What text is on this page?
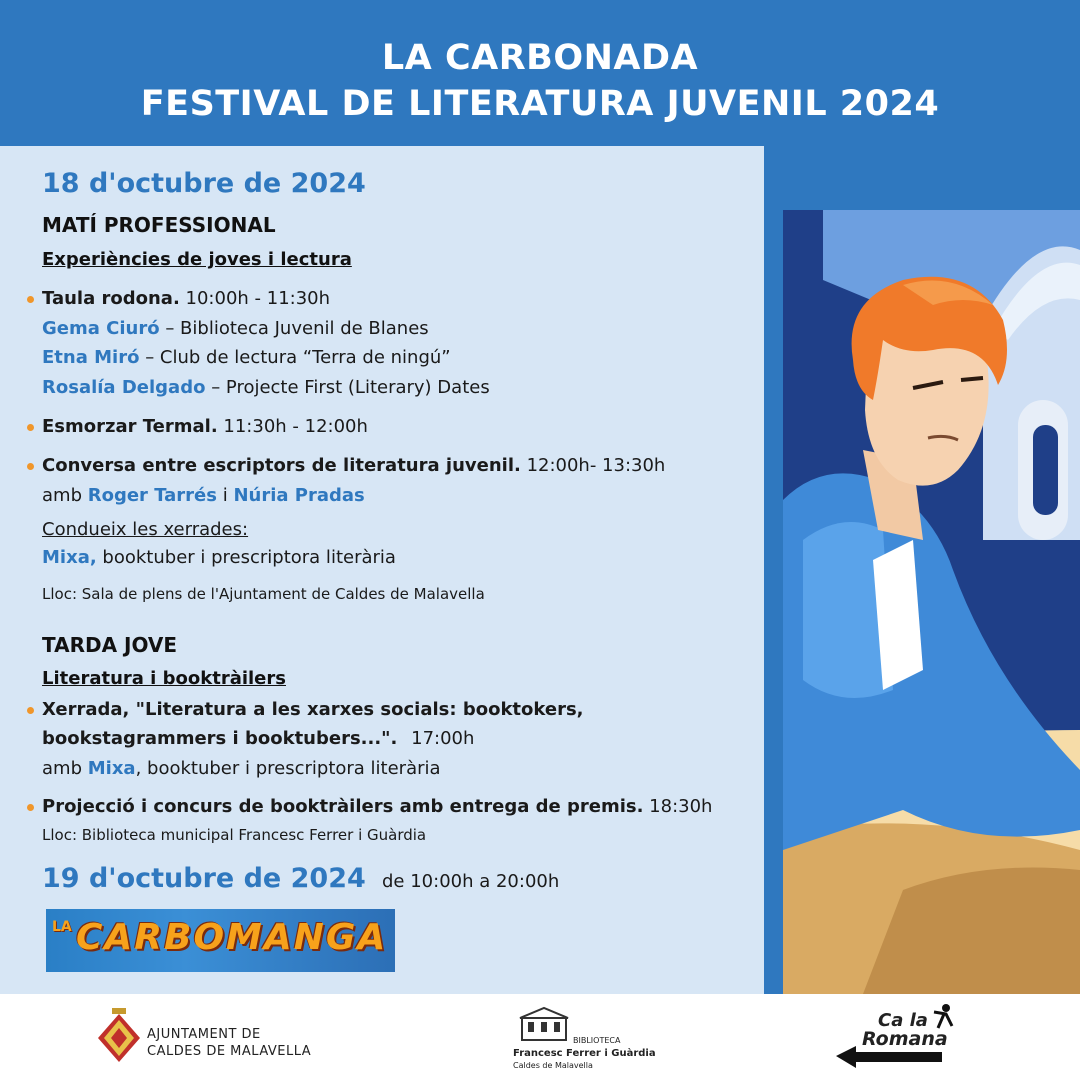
LA CARBONADA
FESTIVAL DE LITERATURA JUVENIL 2024
18 d'octubre de 2024
MATÍ PROFESSIONAL
Experiències de joves i lectura
Taula rodona. 10:00h - 11:30h
Gema Ciuró – Biblioteca Juvenil de Blanes
Etna Miró – Club de lectura “Terra de ningú”
Rosalía Delgado – Projecte First (Literary) Dates
Esmorzar Termal. 11:30h - 12:00h
Conversa entre escriptors de literatura juvenil. 12:00h- 13:30h
amb Roger Tarrés i Núria Pradas
Condueix les xerrades:
Mixa, booktuber i prescriptora literària
Lloc: Sala de plens de l'Ajuntament de Caldes de Malavella
TARDA JOVE
Literatura i booktràilers
Xerrada, "Literatura a les xarxes socials: booktokers,
bookstagrammers i booktubers...". 17:00h
amb Mixa, booktuber i prescriptora literària
Projecció i concurs de booktràilers amb entrega de premis. 18:30h
Lloc: Biblioteca municipal Francesc Ferrer i Guàrdia
19 d'octubre de 2024 de 10:00h a 20:00h
LA CARBOMANGA
AJUNTAMENT DE
CALDES DE MALAVELLA
BIBLIOTECA
Francesc Ferrer i Guàrdia
Caldes de Malavella
Ca la
Romana
